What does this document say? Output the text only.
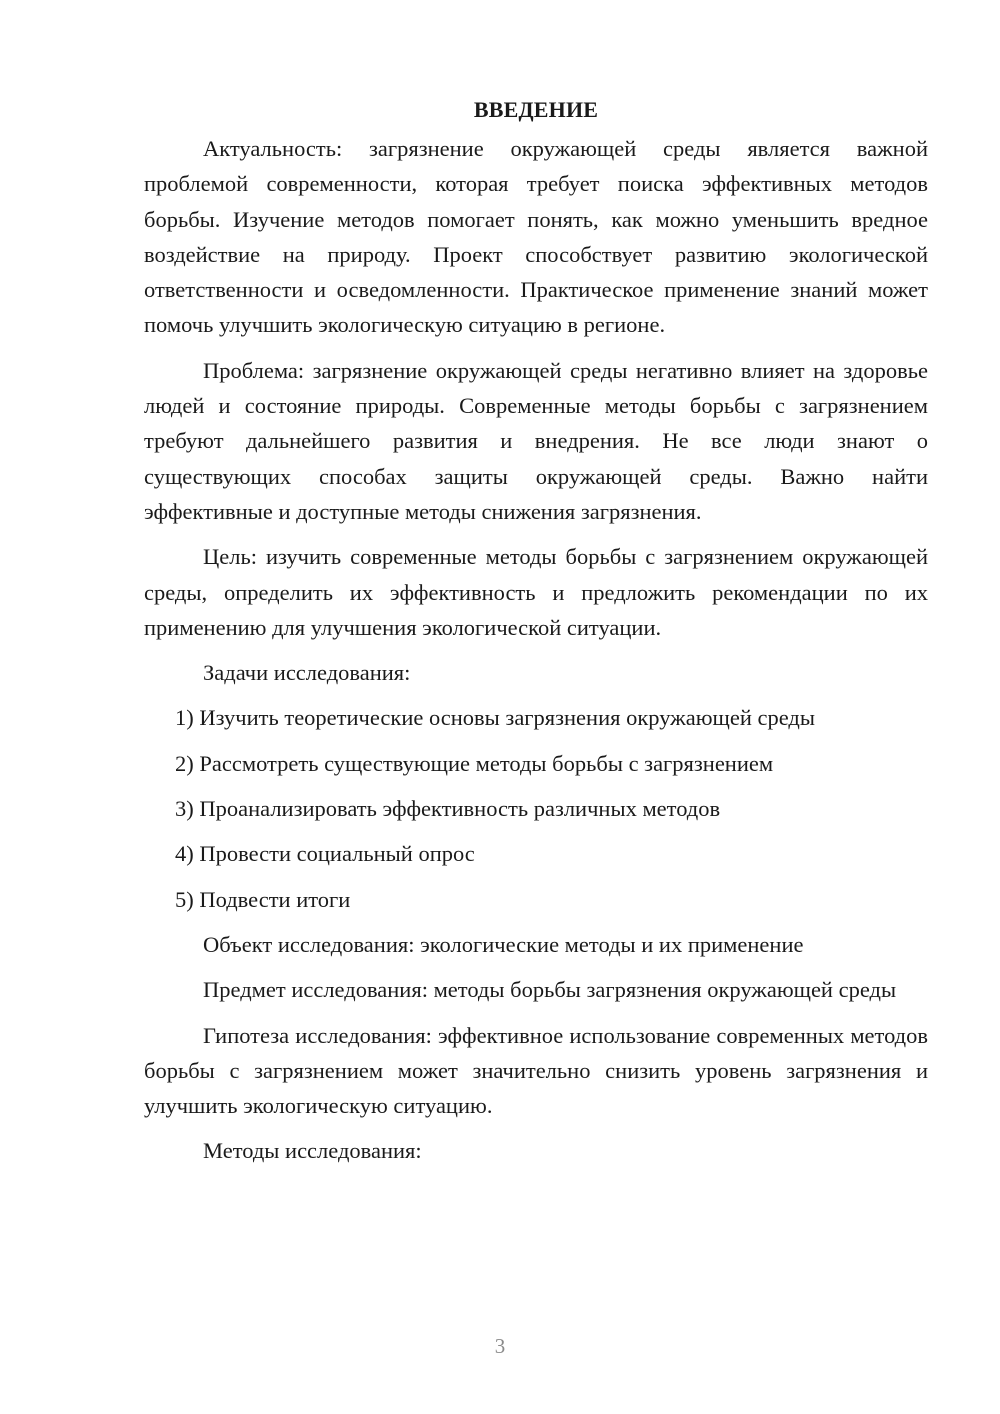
ВВЕДЕНИЕ

Актуальность: загрязнение окружающей среды является важной проблемой современности, которая требует поиска эффективных методов борьбы. Изучение методов помогает понять, как можно уменьшить вредное воздействие на природу. Проект способствует развитию экологической ответственности и осведомленности. Практическое применение знаний может помочь улучшить экологическую ситуацию в регионе.

Проблема: загрязнение окружающей среды негативно влияет на здоровье людей и состояние природы. Современные методы борьбы с загрязнением требуют дальнейшего развития и внедрения. Не все люди знают о существующих способах защиты окружающей среды. Важно найти эффективные и доступные методы снижения загрязнения.

Цель: изучить современные методы борьбы с загрязнением окружающей среды, определить их эффективность и предложить рекомендации по их применению для улучшения экологической ситуации.

Задачи исследования:

1) Изучить теоретические основы загрязнения окружающей среды
2) Рассмотреть существующие методы борьбы с загрязнением
3) Проанализировать эффективность различных методов
4) Провести социальный опрос
5) Подвести итоги

Объект исследования: экологические методы и их применение

Предмет исследования: методы борьбы загрязнения окружающей среды

Гипотеза исследования: эффективное использование современных методов борьбы с загрязнением может значительно снизить уровень загрязнения и улучшить экологическую ситуацию.

Методы исследования:

3
